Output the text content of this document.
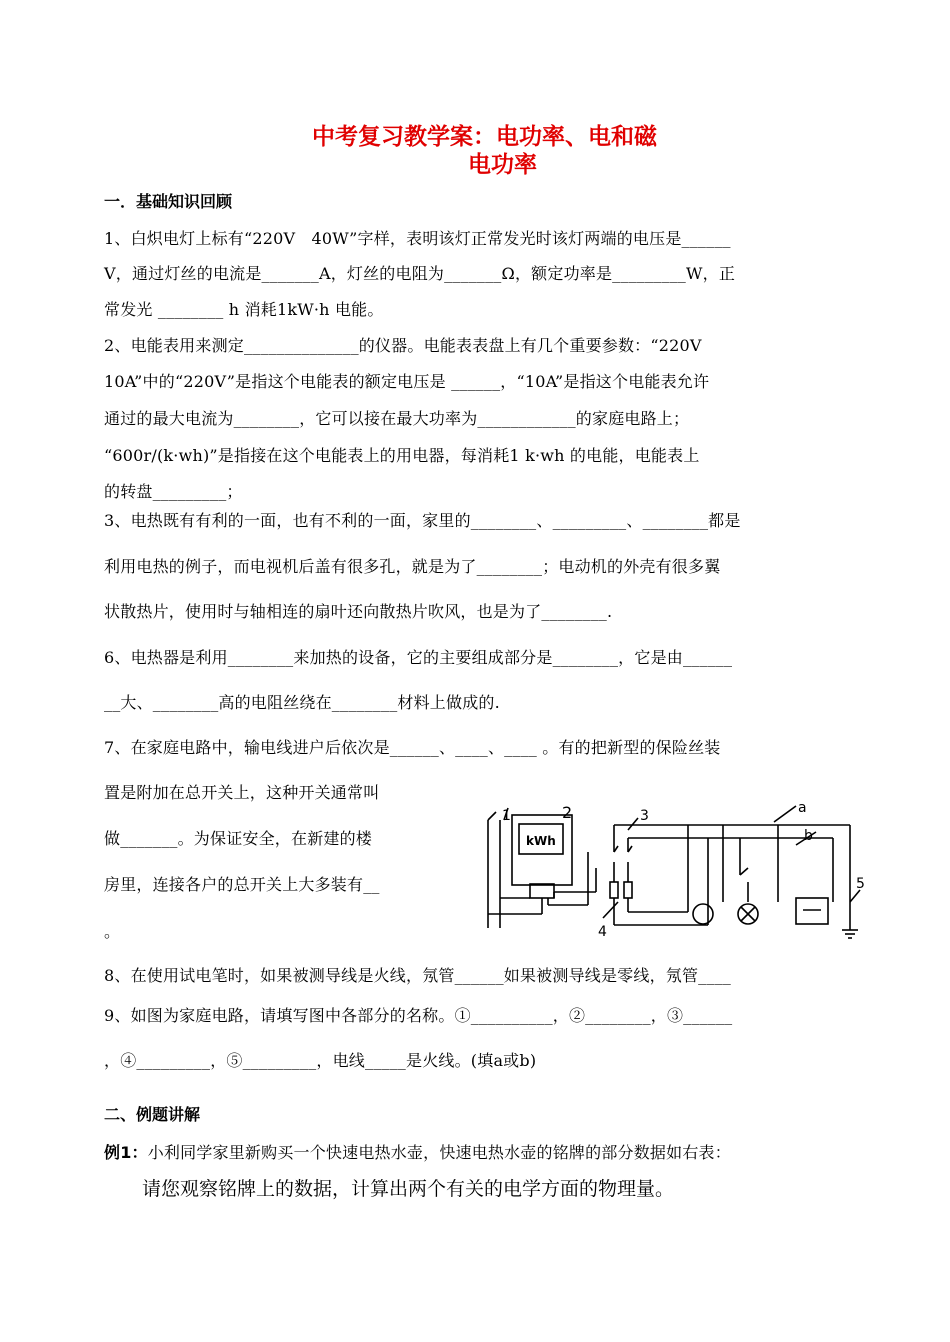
中考复习教学案：电功率、电和磁
电功率
一．基础知识回顾
1、白炽电灯上标有“220V　40W”字样，表明该灯正常发光时该灯两端的电压是______
V，通过灯丝的电流是_______A，灯丝的电阻为_______Ω，额定功率是_________W，正
常发光 ________ h 消耗1kW·h 电能。
2、电能表用来测定______________的仪器。电能表表盘上有几个重要参数：“220V
10A”中的“220V”是指这个电能表的额定电压是 ______，“10A”是指这个电能表允许
通过的最大电流为________，它可以接在最大功率为____________的家庭电路上；
“600r/(k·wh)”是指接在这个电能表上的用电器，每消耗1 k·wh 的电能，电能表上
的转盘_________；
3、电热既有有利的一面，也有不利的一面，家里的________、_________、________都是
利用电热的例子，而电视机后盖有很多孔，就是为了________；电动机的外壳有很多翼
状散热片，使用时与轴相连的扇叶还向散热片吹风，也是为了________.
6、电热器是利用________来加热的设备，它的主要组成部分是________，它是由______
__大、________高的电阻丝绕在________材料上做成的.
7、在家庭电路中，输电线进户后依次是______、____、____ 。有的把新型的保险丝装
置是附加在总开关上，这种开关通常叫
做_______。为保证安全，在新建的楼
房里，连接各户的总开关上大多装有__
。
8、在使用试电笔时，如果被测导线是火线，氖管______如果被测导线是零线，氖管____
9、如图为家庭电路，请填写图中各部分的名称。①__________，②________，③______
，④_________，⑤_________，电线_____是火线。(填a或b)
1	2	3
4
5
a
b
kWh
二、例题讲解
例1：小利同学家里新购买一个快速电热水壶，快速电热水壶的铭牌的部分数据如右表：
请您观察铭牌上的数据，计算出两个有关的电学方面的物理量。
